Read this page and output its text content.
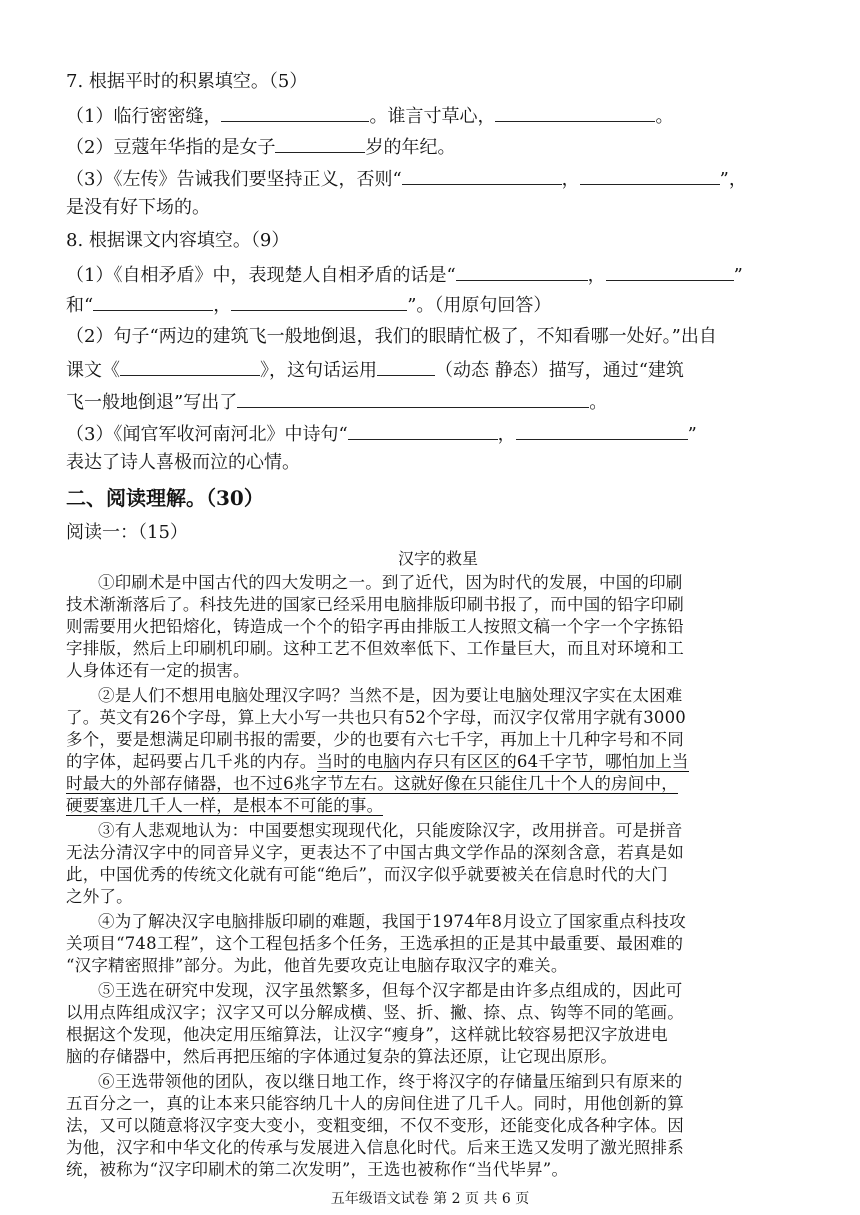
7. 根据平时的积累填空。（5）
（1）临行密密缝，	。谁言寸草心，	。
（2）豆蔻年华指的是女子	岁的年纪。
（3）《左传》告诫我们要坚持正义，否则“	，	”，
是没有好下场的。
8. 根据课文内容填空。（9）
（1）《自相矛盾》中，表现楚人自相矛盾的话是“	，	”
和“	，	”。（用原句回答）
（2）句子“两边的建筑飞一般地倒退，我们的眼睛忙极了，不知看哪一处好。”出自
课文《	》，这句话运用	（动态 静态）描写，通过“建筑
飞一般地倒退”写出了	。
（3）《闻官军收河南河北》中诗句“	，	”
表达了诗人喜极而泣的心情。
二、阅读理解。（30）
阅读一：（15）
汉字的救星
①印刷术是中国古代的四大发明之一。到了近代，因为时代的发展，中国的印刷
技术渐渐落后了。科技先进的国家已经采用电脑排版印刷书报了，而中国的铅字印刷
则需要用火把铅熔化，铸造成一个个的铅字再由排版工人按照文稿一个字一个字拣铅
字排版，然后上印刷机印刷。这种工艺不但效率低下、工作量巨大，而且对环境和工
人身体还有一定的损害。
②是人们不想用电脑处理汉字吗？当然不是，因为要让电脑处理汉字实在太困难
了。英文有26个字母，算上大小写一共也只有52个字母，而汉字仅常用字就有3000
多个，要是想满足印刷书报的需要，少的也要有六七千字，再加上十几种字号和不同
的字体，起码要占几千兆的内存。当时的电脑内存只有区区的64千字节，哪怕加上当
时最大的外部存储器，也不过6兆字节左右。这就好像在只能住几十个人的房间中，
硬要塞进几千人一样，是根本不可能的事。
③有人悲观地认为：中国要想实现现代化，只能废除汉字，改用拼音。可是拼音
无法分清汉字中的同音异义字，更表达不了中国古典文学作品的深刻含意，若真是如
此，中国优秀的传统文化就有可能“绝后”，而汉字似乎就要被关在信息时代的大门
之外了。
④为了解决汉字电脑排版印刷的难题，我国于1974年8月设立了国家重点科技攻
关项目“748工程”，这个工程包括多个任务，王选承担的正是其中最重要、最困难的
“汉字精密照排”部分。为此，他首先要攻克让电脑存取汉字的难关。
⑤王选在研究中发现，汉字虽然繁多，但每个汉字都是由许多点组成的，因此可
以用点阵组成汉字；汉字又可以分解成横、竖、折、撇、捺、点、钩等不同的笔画。
根据这个发现，他决定用压缩算法，让汉字“瘦身”，这样就比较容易把汉字放进电
脑的存储器中，然后再把压缩的字体通过复杂的算法还原，让它现出原形。
⑥王选带领他的团队，夜以继日地工作，终于将汉字的存储量压缩到只有原来的
五百分之一，真的让本来只能容纳几十人的房间住进了几千人。同时，用他创新的算
法，又可以随意将汉字变大变小，变粗变细，不仅不变形，还能变化成各种字体。因
为他，汉字和中华文化的传承与发展进入信息化时代。后来王选又发明了激光照排系
统，被称为“汉字印刷术的第二次发明”，王选也被称作“当代毕昇”。
五年级语文试卷 第 2 页 共 6 页
